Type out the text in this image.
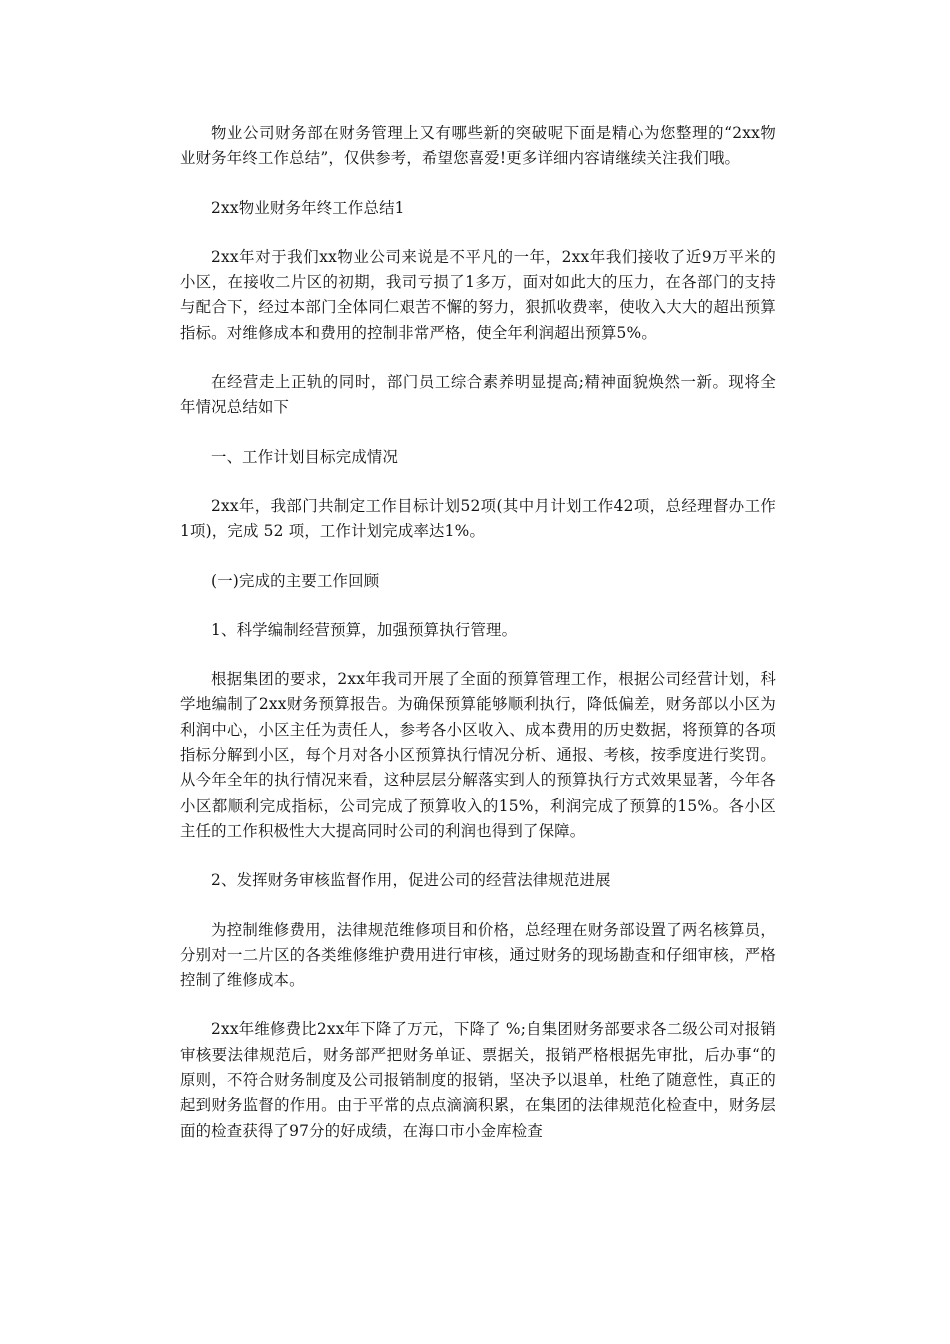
物业公司财务部在财务管理上又有哪些新的突破呢下面是精心为您整理的“2xx物业财务年终工作总结”，仅供参考，希望您喜爱!更多详细内容请继续关注我们哦。

2xx物业财务年终工作总结1

2xx年对于我们xx物业公司来说是不平凡的一年，2xx年我们接收了近9万平米的小区，在接收二片区的初期，我司亏损了1多万，面对如此大的压力，在各部门的支持与配合下，经过本部门全体同仁艰苦不懈的努力，狠抓收费率，使收入大大的超出预算指标。对维修成本和费用的控制非常严格，使全年利润超出预算5%。

在经营走上正轨的同时，部门员工综合素养明显提高;精神面貌焕然一新。现将全年情况总结如下

一、工作计划目标完成情况

2xx年，我部门共制定工作目标计划52项(其中月计划工作42项，总经理督办工作1项)，完成 52 项，工作计划完成率达1%。

(一)完成的主要工作回顾

1、科学编制经营预算，加强预算执行管理。

根据集团的要求，2xx年我司开展了全面的预算管理工作，根据公司经营计划，科学地编制了2xx财务预算报告。为确保预算能够顺利执行，降低偏差，财务部以小区为利润中心，小区主任为责任人，参考各小区收入、成本费用的历史数据，将预算的各项指标分解到小区，每个月对各小区预算执行情况分析、通报、考核，按季度进行奖罚。从今年全年的执行情况来看，这种层层分解落实到人的预算执行方式效果显著，今年各小区都顺利完成指标，公司完成了预算收入的15%，利润完成了预算的15%。各小区主任的工作积极性大大提高同时公司的利润也得到了保障。

2、发挥财务审核监督作用，促进公司的经营法律规范进展

为控制维修费用，法律规范维修项目和价格，总经理在财务部设置了两名核算员，分别对一二片区的各类维修维护费用进行审核，通过财务的现场勘查和仔细审核，严格控制了维修成本。

2xx年维修费比2xx年下降了万元，下降了 %;自集团财务部要求各二级公司对报销审核要法律规范后，财务部严把财务单证、票据关，报销严格根据先审批，后办事“的原则，不符合财务制度及公司报销制度的报销，坚决予以退单，杜绝了随意性，真正的起到财务监督的作用。由于平常的点点滴滴积累，在集团的法律规范化检查中，财务层面的检查获得了97分的好成绩，在海口市小金库检查
